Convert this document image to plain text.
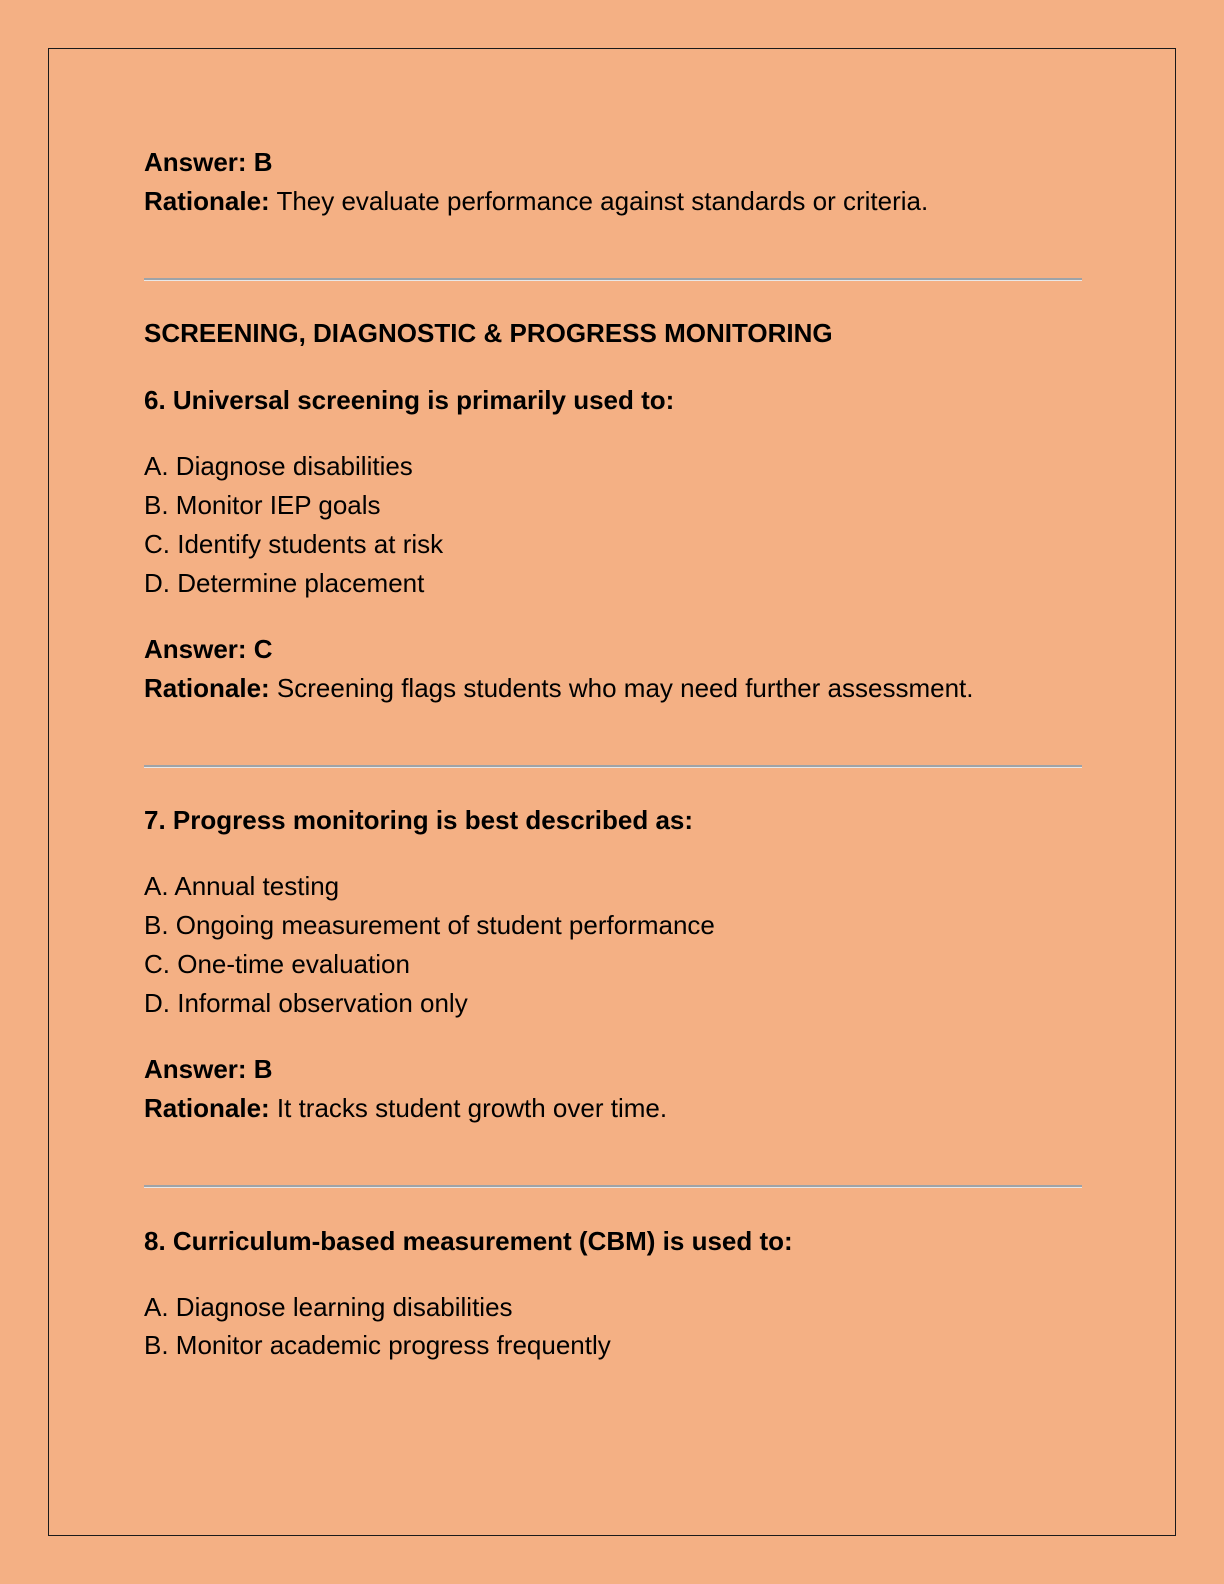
Answer: B
Rationale: They evaluate performance against standards or criteria.
SCREENING, DIAGNOSTIC & PROGRESS MONITORING
6. Universal screening is primarily used to:
A. Diagnose disabilities
B. Monitor IEP goals
C. Identify students at risk
D. Determine placement
Answer: C
Rationale: Screening flags students who may need further assessment.
7. Progress monitoring is best described as:
A. Annual testing
B. Ongoing measurement of student performance
C. One-time evaluation
D. Informal observation only
Answer: B
Rationale: It tracks student growth over time.
8. Curriculum-based measurement (CBM) is used to:
A. Diagnose learning disabilities
B. Monitor academic progress frequently
